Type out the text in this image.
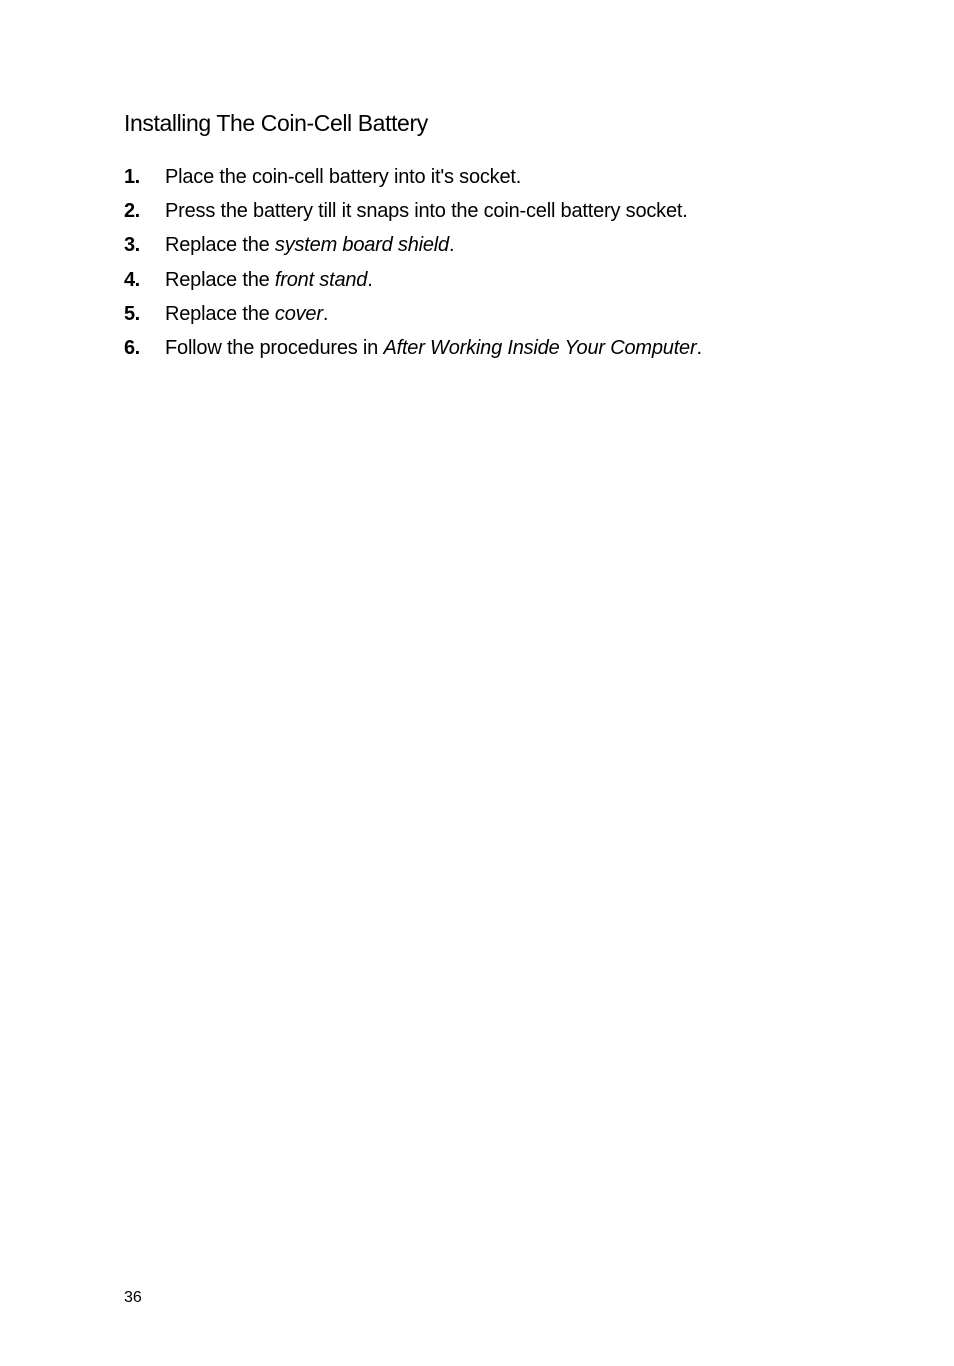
Installing The Coin-Cell Battery
1.	Place the coin-cell battery into it's socket.
2.	Press the battery till it snaps into the coin-cell battery socket.
3.	Replace the system board shield.
4.	Replace the front stand.
5.	Replace the cover.
6.	Follow the procedures in After Working Inside Your Computer.
36
